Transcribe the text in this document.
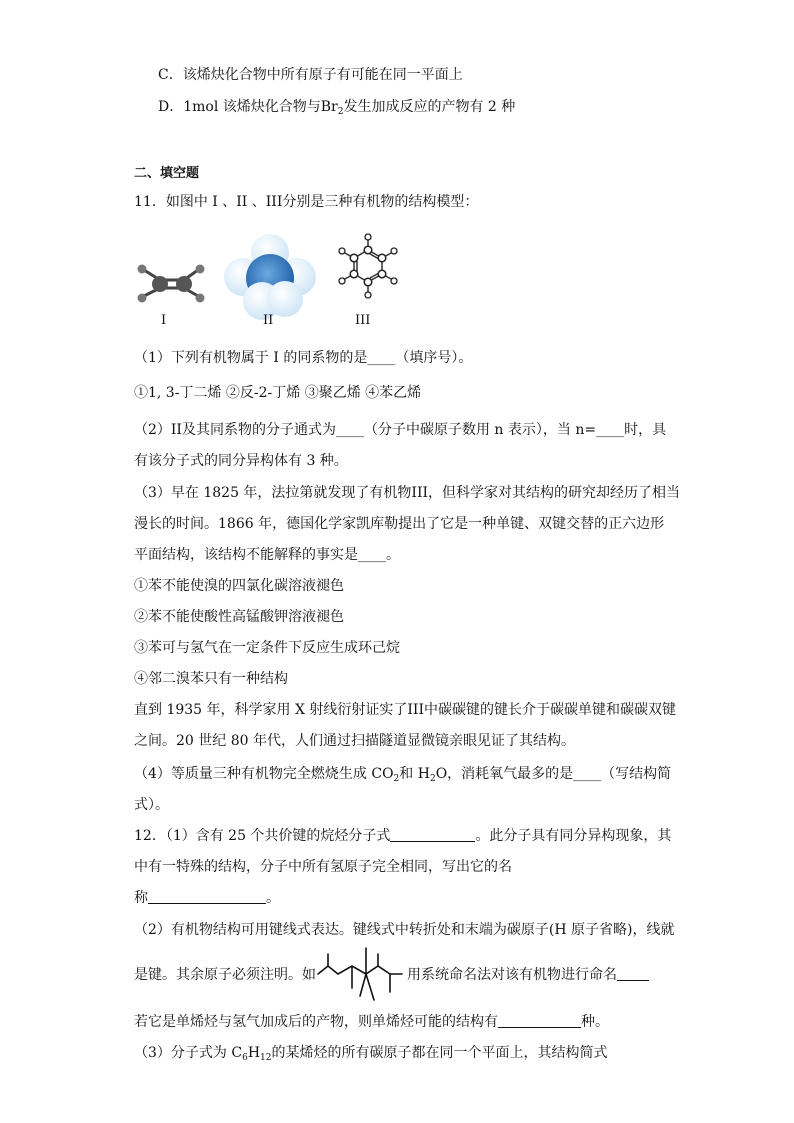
C．该烯炔化合物中所有原子有可能在同一平面上
D．1mol 该烯炔化合物与$Br_2$发生加成反应的产物有 2 种
二、填空题
11．如图中 I 、II 、III分别是三种有机物的结构模型：
I	II	III
（1）下列有机物属于 I 的同系物的是____（填序号）。
①1, 3-丁二烯 ②反-2-丁烯 ③聚乙烯 ④苯乙烯
（2）II及其同系物的分子通式为____（分子中碳原子数用 n 表示），当 n=____时，具
有该分子式的同分异构体有 3 种。
（3）早在 1825 年，法拉第就发现了有机物III，但科学家对其结构的研究却经历了相当
漫长的时间。1866 年，德国化学家凯库勒提出了它是一种单键、双键交替的正六边形
平面结构，该结构不能解释的事实是____。
①苯不能使溴的四氯化碳溶液褪色
②苯不能使酸性高锰酸钾溶液褪色
③苯可与氢气在一定条件下反应生成环己烷
④邻二溴苯只有一种结构
直到 1935 年，科学家用 X 射线衍射证实了III中碳碳键的键长介于碳碳单键和碳碳双键
之间。20 世纪 80 年代，人们通过扫描隧道显微镜亲眼见证了其结构。
（4）等质量三种有机物完全燃烧生成 $CO_2$和 $H_2O$，消耗氧气最多的是____（写结构简
式）。
12．（1）含有 25 个共价键的烷烃分子式	。此分子具有同分异构现象，其
中有一特殊的结构，分子中所有氢原子完全相同，写出它的名
称	。
（2）有机物结构可用键线式表达。键线式中转折处和末端为碳原子(H 原子省略)，线就
是键。其余原子必须注明。如	用系统命名法对该有机物进行命名
若它是单烯烃与氢气加成后的产物，则单烯烃可能的结构有	种。
（3）分子式为 $C_6H_{12}$的某烯烃的所有碳原子都在同一个平面上，其结构简式
